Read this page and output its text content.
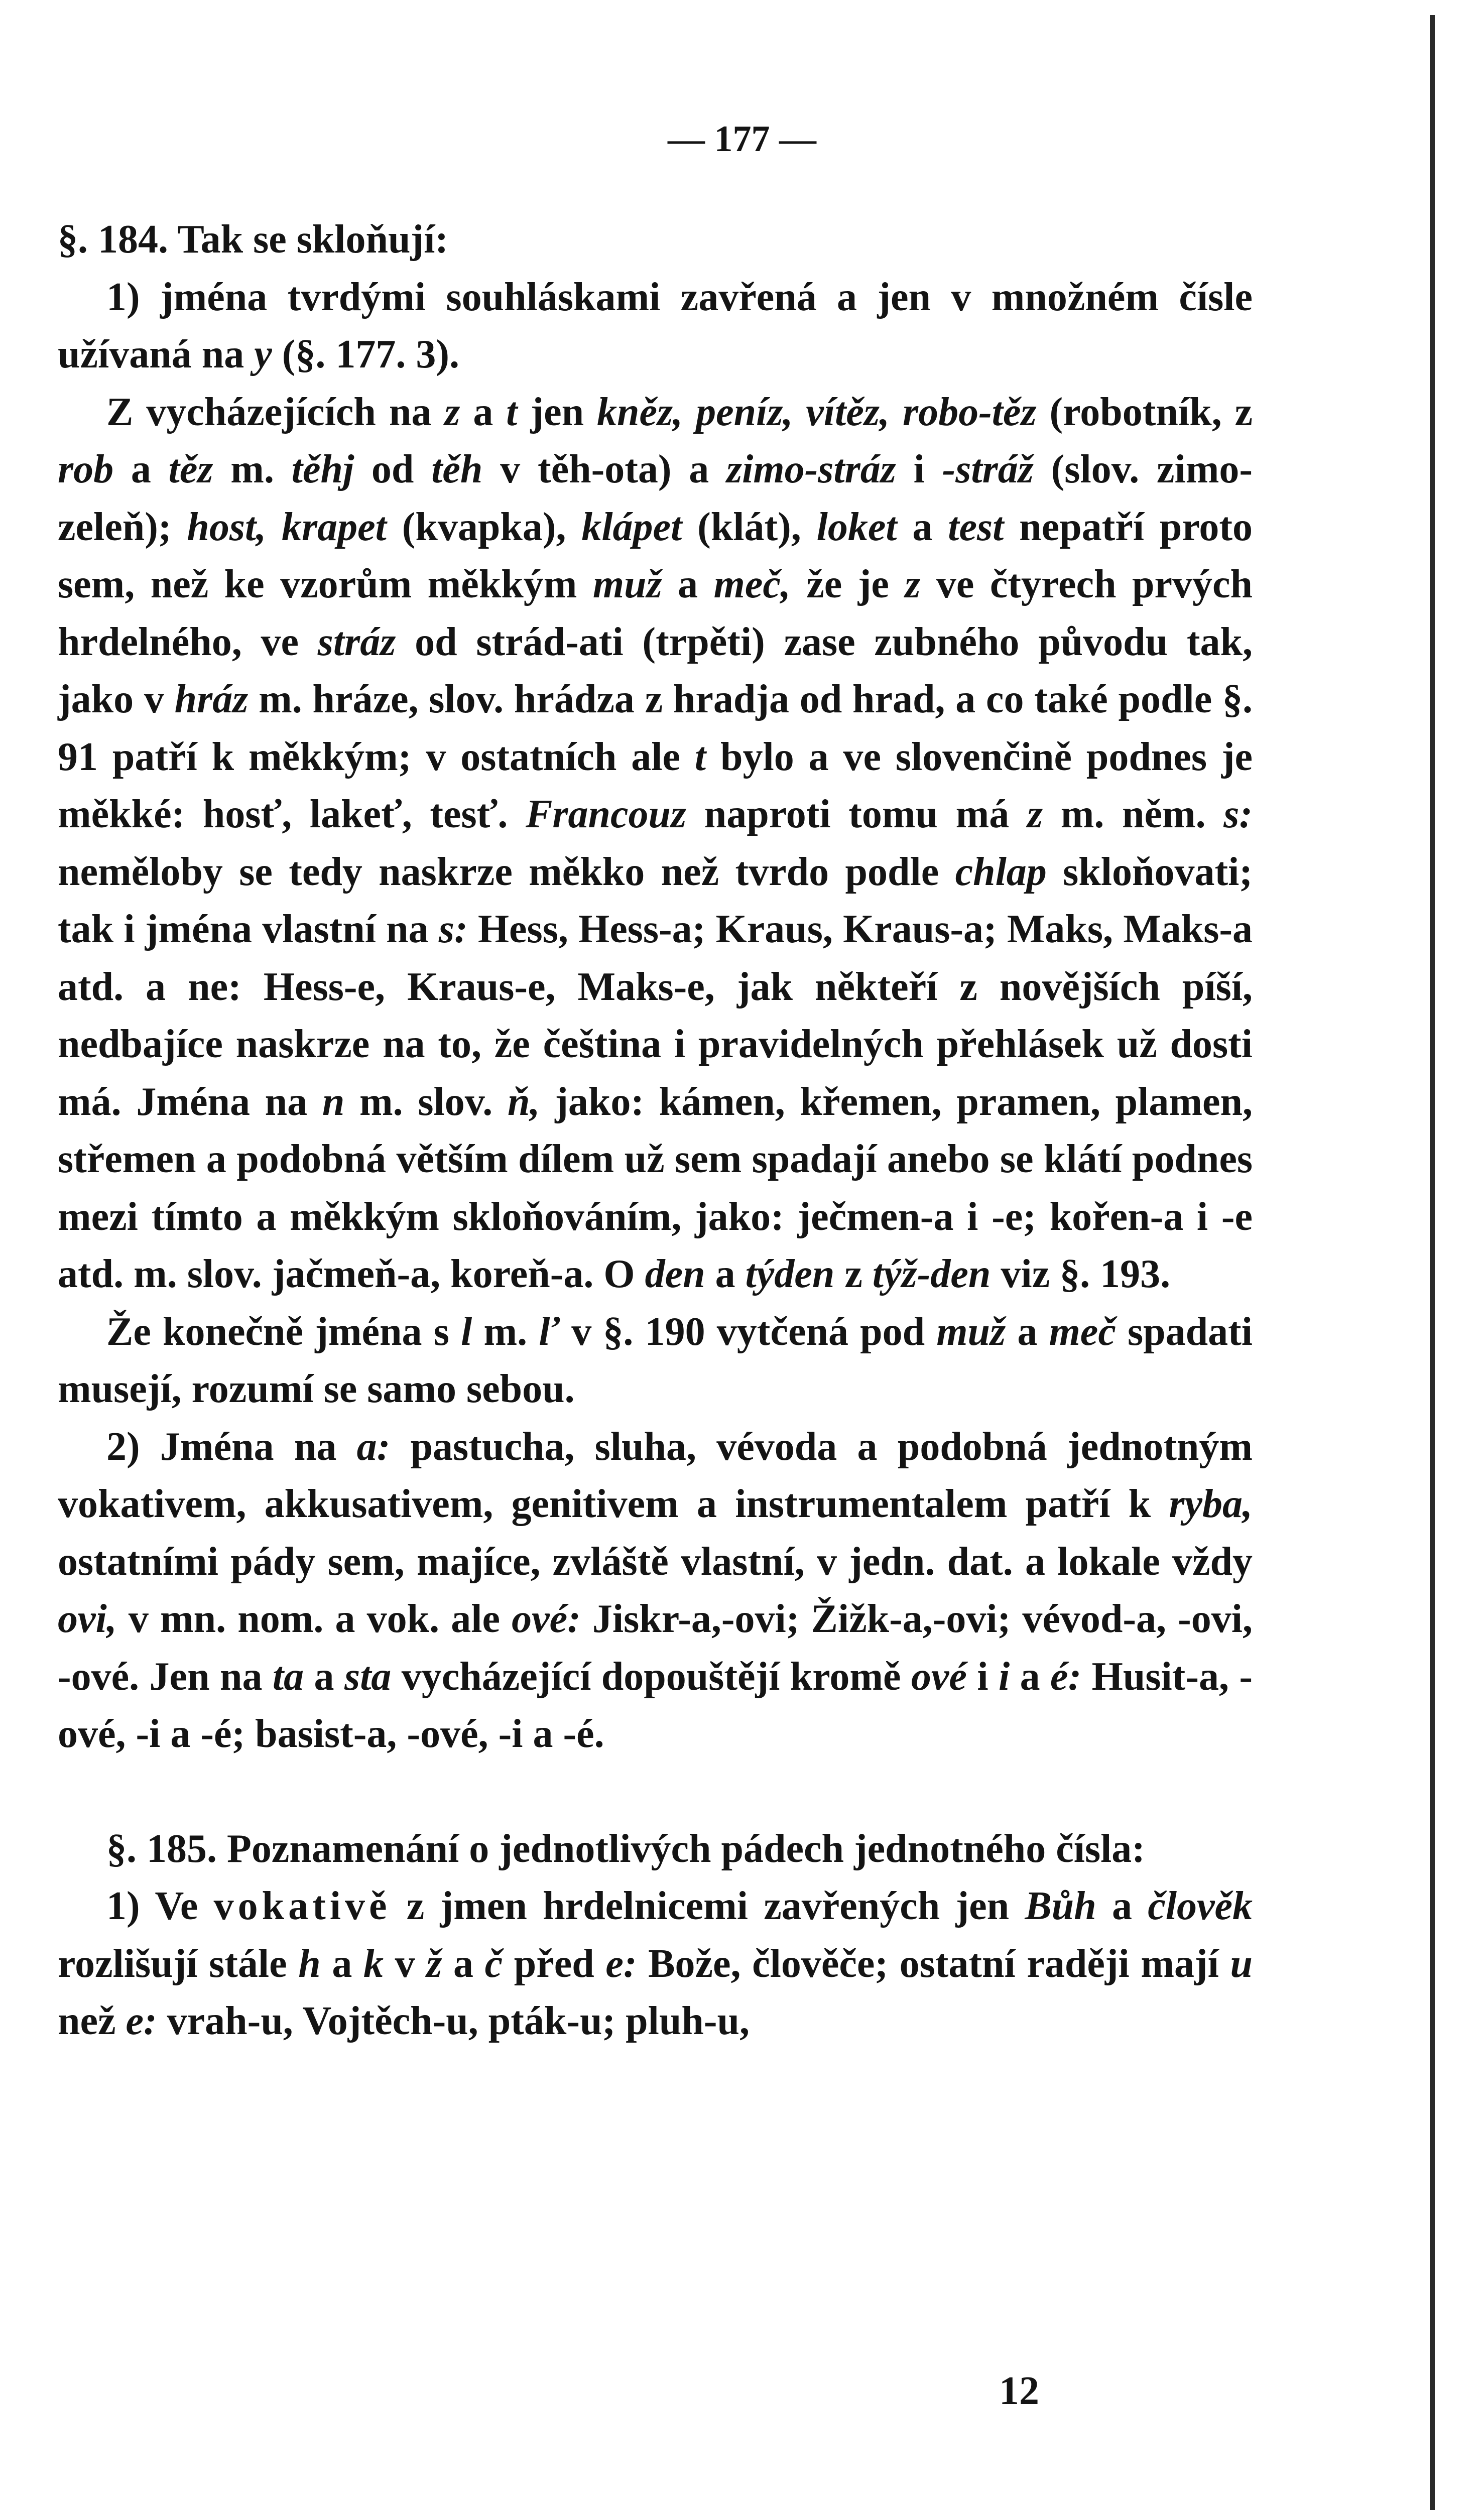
— 177 —

§. 184. Tak se skloňují:

1) jména tvrdými souhláskami zavřená a jen v množném čísle užívaná na y (§. 177. 3).

Z vycházejících na z a t jen kněz, peníz, vítěz, robo-těz (robotník, z rob a těz m. těhj od těh v těh-ota) a zimo-stráz i -stráž (slov. zimo-zeleň); host, krapet (kvapka), klápet (klát), loket a test nepatří proto sem, než ke vzorům měkkým muž a meč, že je z ve čtyrech prvých hrdelného, ve stráz od strád-ati (trpěti) zase zubného původu tak, jako v hráz m. hráze, slov. hrádza z hradja od hrad, a co také podle §. 91 patří k měkkým; v ostatních ale t bylo a ve slovenčině podnes je měkké: hosť, lakeť, tesť. Francouz naproti tomu má z m. něm. s: neměloby se tedy naskrze měkko než tvrdo podle chlap skloňovati; tak i jména vlastní na s: Hess, Hess-a; Kraus, Kraus-a; Maks, Maks-a atd. a ne: Hess-e, Kraus-e, Maks-e, jak někteří z novějších píší, nedbajíce naskrze na to, že čeština i pravidelných přehlásek už dosti má. Jména na n m. slov. ň, jako: kámen, křemen, pramen, plamen, střemen a podobná větším dílem už sem spadají anebo se klátí podnes mezi tímto a měkkým skloňováním, jako: ječmen-a i -e; kořen-a i -e atd. m. slov. jačmeň-a, koreň-a. O den a týden z týž-den viz §. 193.

Že konečně jména s l m. ľ v §. 190 vytčená pod muž a meč spadati musejí, rozumí se samo sebou.

2) Jména na a: pastucha, sluha, vévoda a podobná jednotným vokativem, akkusativem, genitivem a instrumentalem patří k ryba, ostatními pády sem, majíce, zvláště vlastní, v jedn. dat. a lokale vždy ovi, v mn. nom. a vok. ale ové: Jiskr-a,-ovi; Žižk-a,-ovi; vévod-a, -ovi, -ové. Jen na ta a sta vycházející dopouštějí kromě ové i i a é: Husit-a, -ové, -i a -é; basist-a, -ové, -i a -é.

§. 185. Poznamenání o jednotlivých pádech jednotného čísla:

1) Ve vokativě z jmen hrdelnicemi zavřených jen Bůh a člověk rozlišují stále h a k v ž a č před e: Bože, člověče; ostatní raději mají u než e: vrah-u, Vojtěch-u, pták-u; pluh-u,

12
